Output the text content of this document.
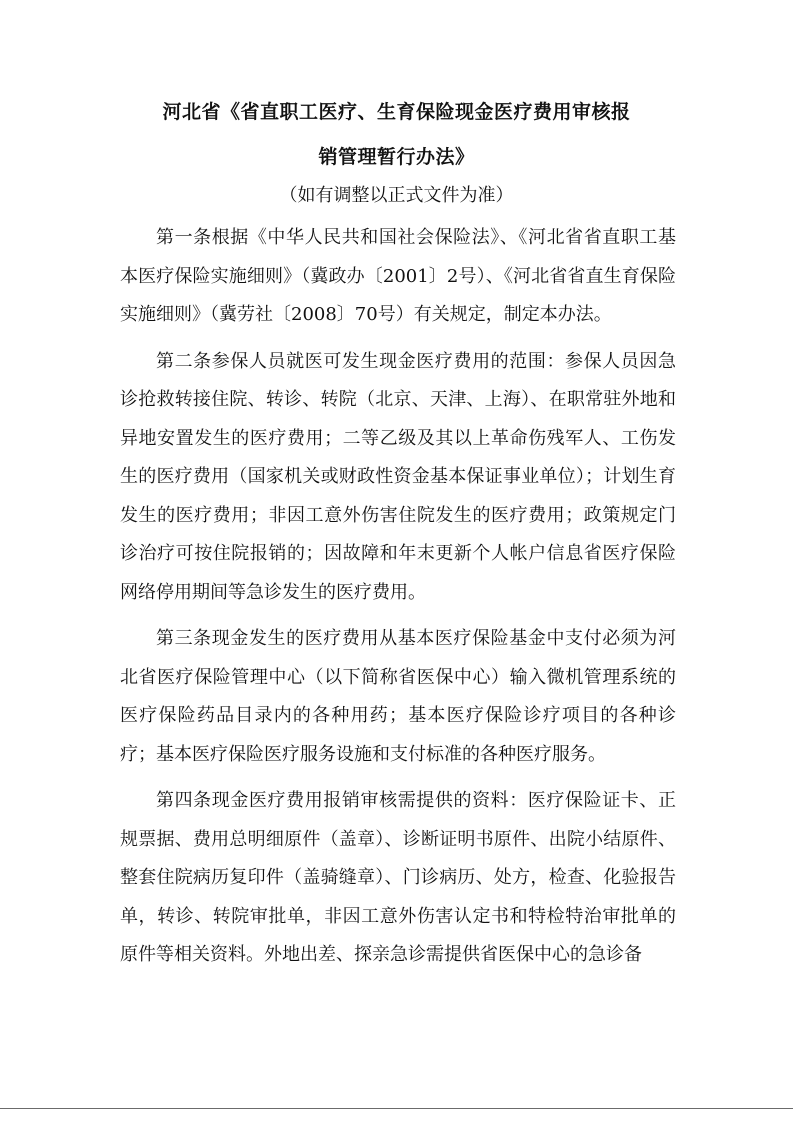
河北省《省直职工医疗、生育保险现金医疗费用审核报
销管理暂行办法》
（如有调整以正式文件为准）

第一条根据《中华人民共和国社会保险法》、《河北省省直职工基本医疗保险实施细则》（冀政办〔2001〕2号）、《河北省省直生育保险实施细则》（冀劳社〔2008〕70号）有关规定，制定本办法。

第二条参保人员就医可发生现金医疗费用的范围：参保人员因急诊抢救转接住院、转诊、转院（北京、天津、上海）、在职常驻外地和异地安置发生的医疗费用；二等乙级及其以上革命伤残军人、工伤发生的医疗费用（国家机关或财政性资金基本保证事业单位）；计划生育发生的医疗费用；非因工意外伤害住院发生的医疗费用；政策规定门诊治疗可按住院报销的；因故障和年末更新个人帐户信息省医疗保险网络停用期间等急诊发生的医疗费用。

第三条现金发生的医疗费用从基本医疗保险基金中支付必须为河北省医疗保险管理中心（以下简称省医保中心）输入微机管理系统的医疗保险药品目录内的各种用药；基本医疗保险诊疗项目的各种诊疗；基本医疗保险医疗服务设施和支付标准的各种医疗服务。

第四条现金医疗费用报销审核需提供的资料：医疗保险证卡、正规票据、费用总明细原件（盖章）、诊断证明书原件、出院小结原件、整套住院病历复印件（盖骑缝章）、门诊病历、处方，检查、化验报告单，转诊、转院审批单，非因工意外伤害认定书和特检特治审批单的原件等相关资料。外地出差、探亲急诊需提供省医保中心的急诊备
